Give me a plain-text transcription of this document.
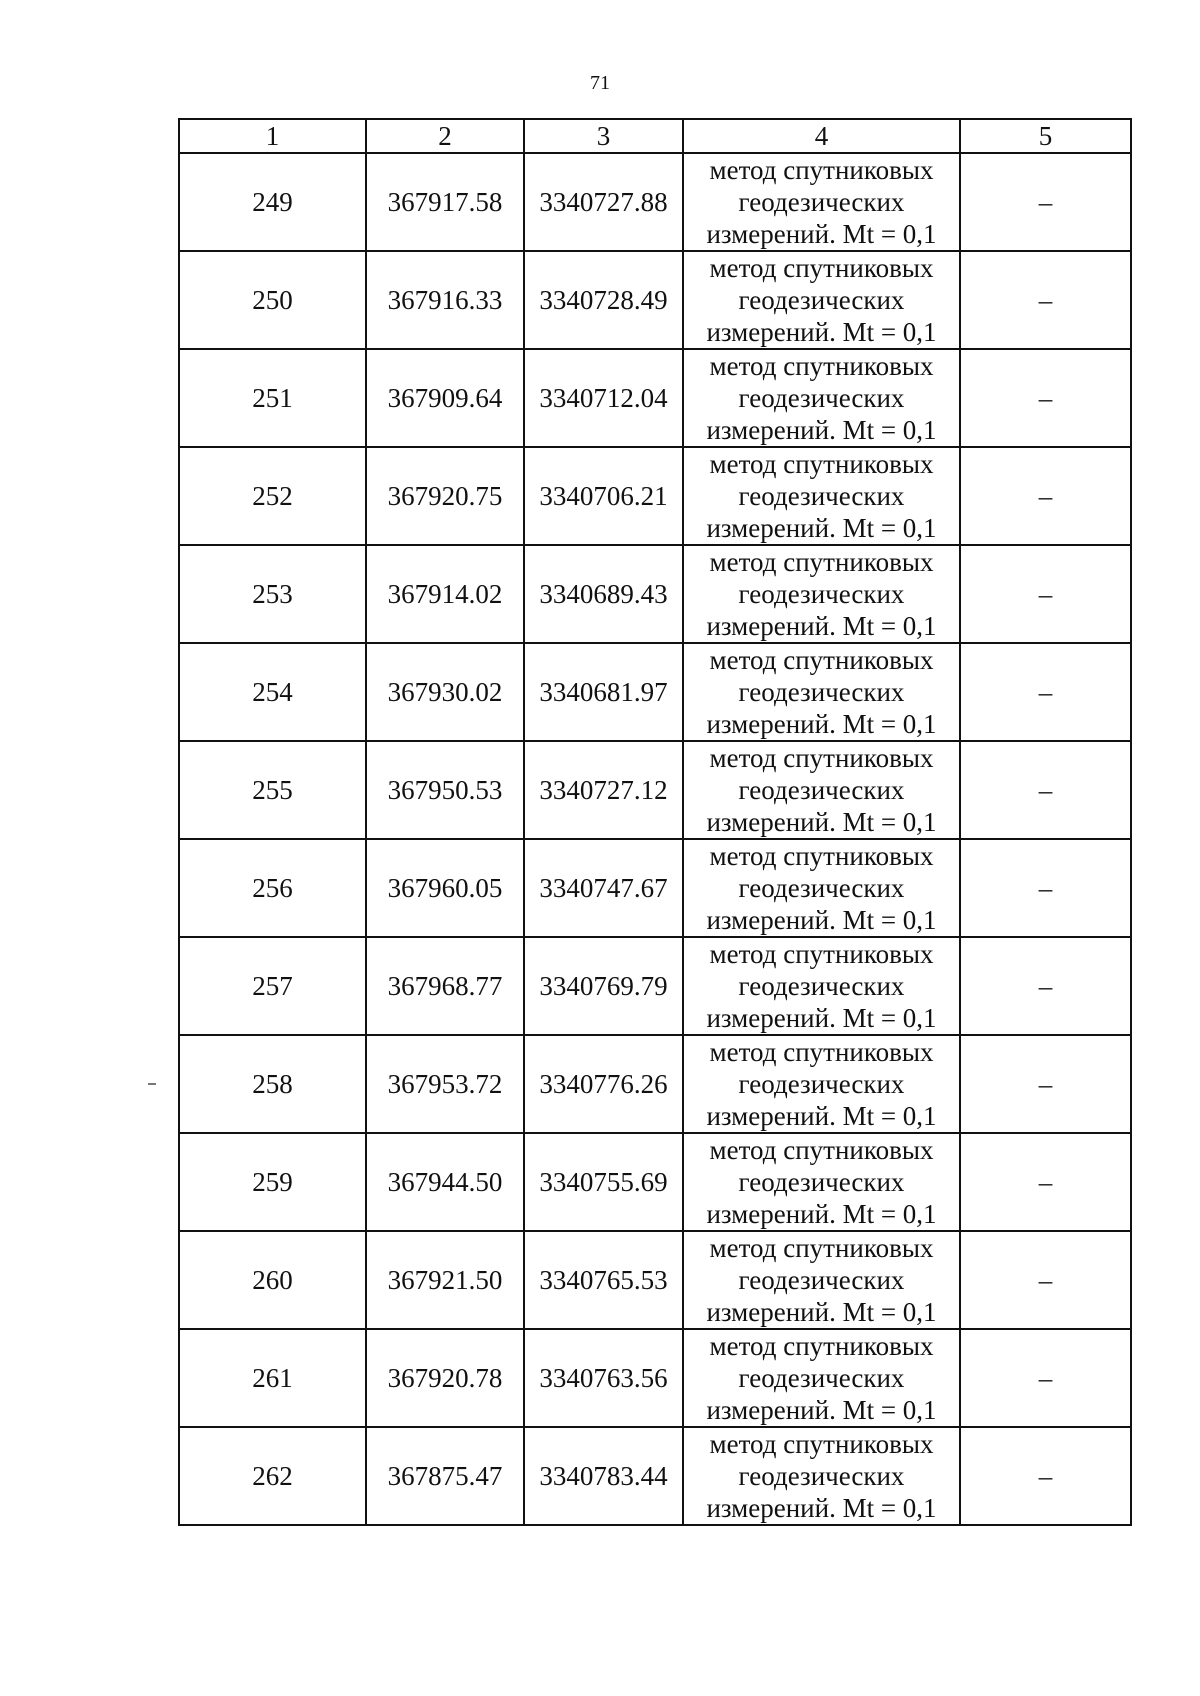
71
1	2	3	4	5
249	367917.58	3340727.88	метод спутниковых
геодезических
измерений. Mt = 0,1	–
250	367916.33	3340728.49	метод спутниковых
геодезических
измерений. Mt = 0,1	–
251	367909.64	3340712.04	метод спутниковых
геодезических
измерений. Mt = 0,1	–
252	367920.75	3340706.21	метод спутниковых
геодезических
измерений. Mt = 0,1	–
253	367914.02	3340689.43	метод спутниковых
геодезических
измерений. Mt = 0,1	–
254	367930.02	3340681.97	метод спутниковых
геодезических
измерений. Mt = 0,1	–
255	367950.53	3340727.12	метод спутниковых
геодезических
измерений. Mt = 0,1	–
256	367960.05	3340747.67	метод спутниковых
геодезических
измерений. Mt = 0,1	–
257	367968.77	3340769.79	метод спутниковых
геодезических
измерений. Mt = 0,1	–
258	367953.72	3340776.26	метод спутниковых
геодезических
измерений. Mt = 0,1	–
259	367944.50	3340755.69	метод спутниковых
геодезических
измерений. Mt = 0,1	–
260	367921.50	3340765.53	метод спутниковых
геодезических
измерений. Mt = 0,1	–
261	367920.78	3340763.56	метод спутниковых
геодезических
измерений. Mt = 0,1	–
262	367875.47	3340783.44	метод спутниковых
геодезических
измерений. Mt = 0,1	–
